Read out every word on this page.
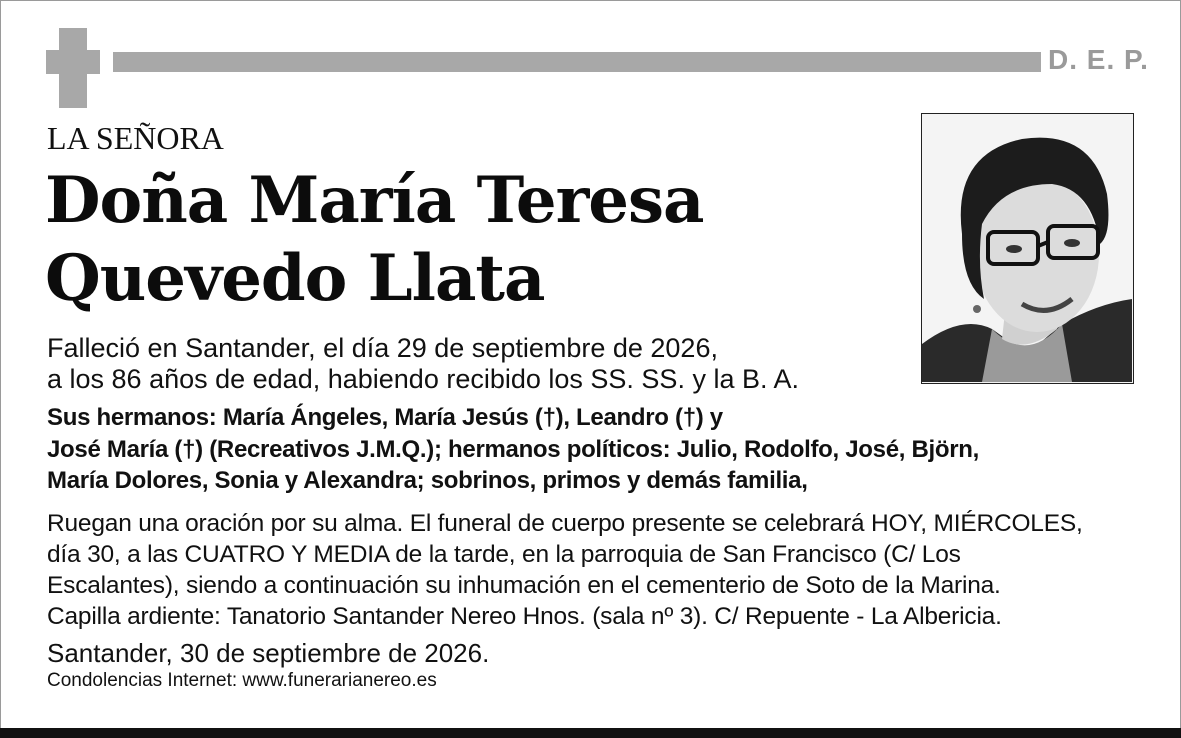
D. E. P.
LA SEÑORA
Doña María Teresa
Quevedo Llata
Falleció en Santander, el día 29 de septiembre de 2026,
a los 86 años de edad, habiendo recibido los SS. SS. y la B. A.
Sus hermanos: María Ángeles, María Jesús (†), Leandro (†) y
José María (†) (Recreativos J.M.Q.); hermanos políticos: Julio, Rodolfo, José, Björn,
María Dolores, Sonia y Alexandra; sobrinos, primos y demás familia,
Ruegan una oración por su alma. El funeral de cuerpo presente se celebrará HOY, MIÉRCOLES,
día 30, a las CUATRO Y MEDIA de la tarde, en la parroquia de San Francisco (C/ Los
Escalantes), siendo a continuación su inhumación en el cementerio de Soto de la Marina.
Capilla ardiente: Tanatorio Santander Nereo Hnos. (sala nº 3). C/ Repuente - La Albericia.
Santander, 30 de septiembre de 2026.
Condolencias Internet: www.funerarianereo.es
